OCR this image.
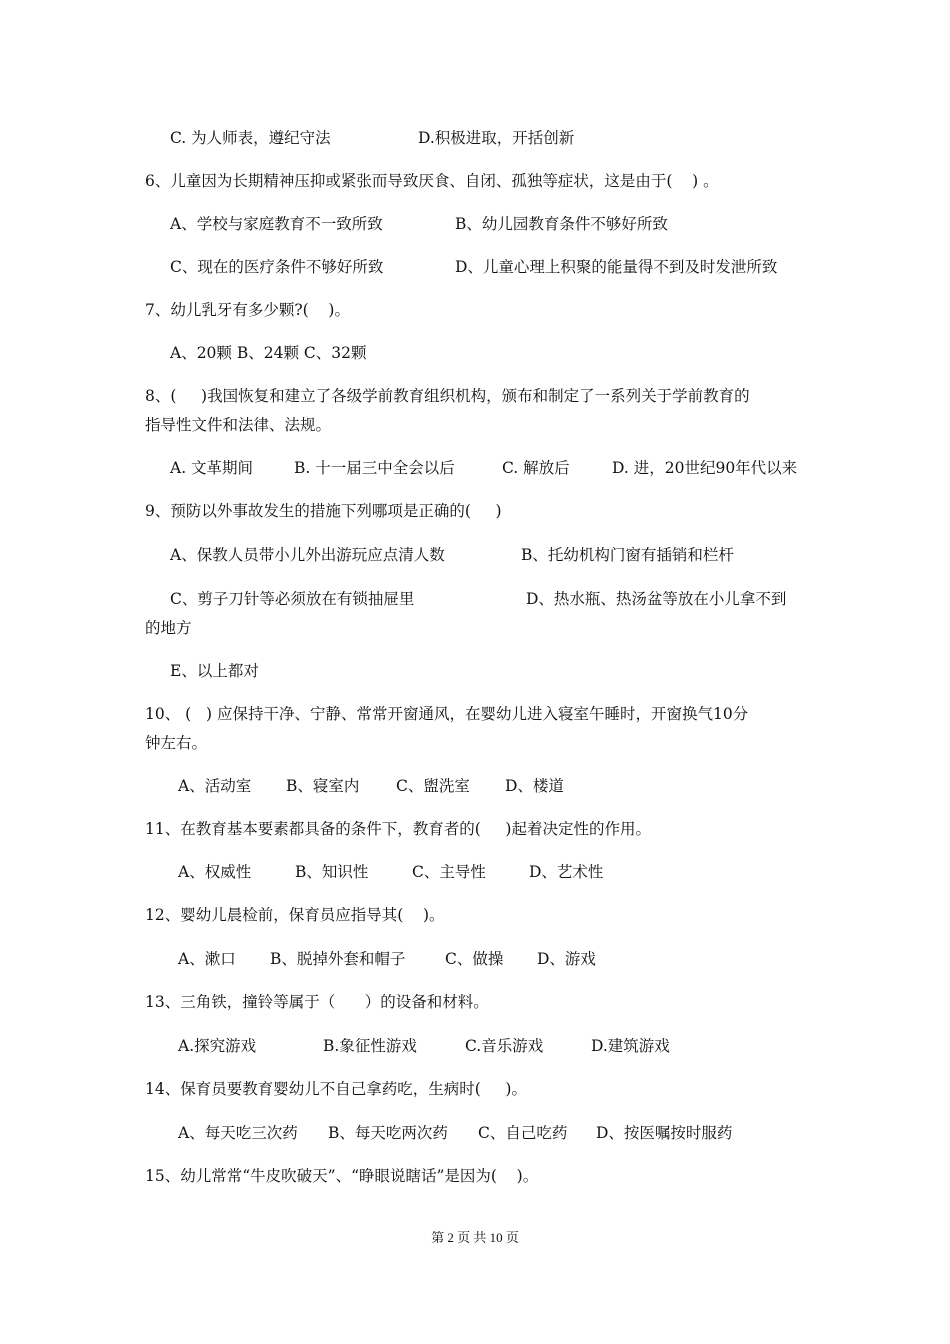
C. 为人师表，遵纪守法	D.积极进取，开括创新
6、儿童因为长期精神压抑或紧张而导致厌食、自闭、孤独等症状，这是由于(    ) 。
A、学校与家庭教育不一致所致	B、幼儿园教育条件不够好所致
C、现在的医疗条件不够好所致	D、儿童心理上积聚的能量得不到及时发泄所致
7、幼儿乳牙有多少颗?(    )。
A、20颗 B、24颗 C、32颗
8、(     )我国恢复和建立了各级学前教育组织机构，颁布和制定了一系列关于学前教育的
指导性文件和法律、法规。
A. 文革期间	B. 十一届三中全会以后	C. 解放后	D. 进，20世纪90年代以来
9、预防以外事故发生的措施下列哪项是正确的(     )
A、保教人员带小儿外出游玩应点清人数	B、托幼机构门窗有插销和栏杆
C、剪子刀针等必须放在有锁抽屉里	D、热水瓶、热汤盆等放在小儿拿不到
的地方
E、以上都对
10、 (   ) 应保持干净、宁静、常常开窗通风，在婴幼儿进入寝室午睡时，开窗换气10分
钟左右。
A、活动室 B、寝室内 C、盥洗室 D、楼道
11、在教育基本要素都具备的条件下，教育者的(     )起着决定性的作用。
A、权威性	B、知识性	C、主导性	D、艺术性
12、婴幼儿晨检前，保育员应指导其(    )。
A、漱口 B、脱掉外套和帽子	C、做操 D、游戏
13、三角铁，撞铃等属于（      ）的设备和材料。
A.探究游戏	B.象征性游戏	C.音乐游戏	D.建筑游戏
14、保育员要教育婴幼儿不自己拿药吃，生病时(     )。
A、每天吃三次药 B、每天吃两次药 C、自己吃药 D、按医嘱按时服药
15、幼儿常常“牛皮吹破天”、“睁眼说瞎话”是因为(    )。
第 2 页 共 10 页
